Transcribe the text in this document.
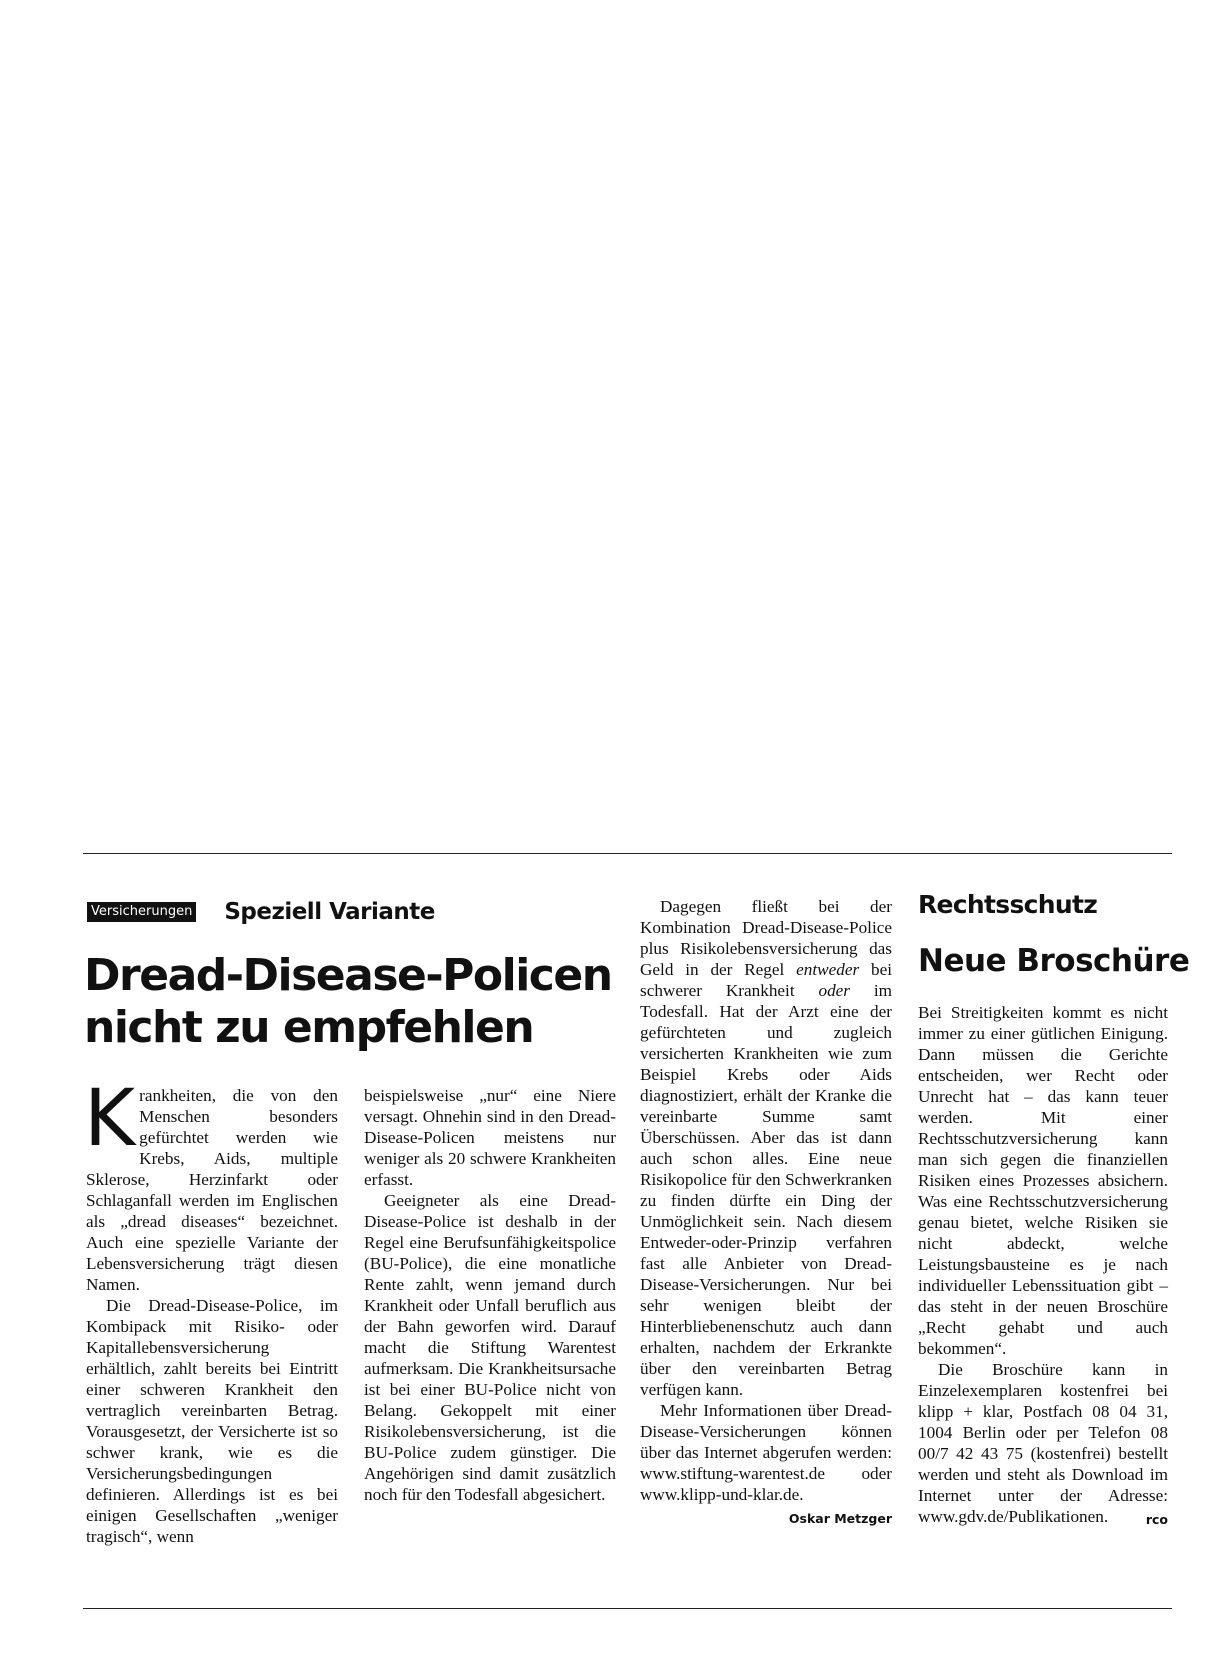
Versicherungen Speziell Variante
Dread-Disease-Policen nicht zu empfehlen

Krankheiten, die von den Menschen besonders gefürchtet werden wie Krebs, Aids, multiple Sklerose, Herzinfarkt oder Schlaganfall werden im Englischen als „dread diseases“ bezeichnet. Auch eine spezielle Variante der Lebensversicherung trägt diesen Namen.

Die Dread-Disease-Police, im Kombipack mit Risiko- oder Kapitallebensversicherung erhältlich, zahlt bereits bei Eintritt einer schweren Krankheit den vertraglich vereinbarten Betrag. Vorausgesetzt, der Versicherte ist so schwer krank, wie es die Versicherungsbedingungen definieren. Allerdings ist es bei einigen Gesellschaften „weniger tragisch“, wenn

beispielsweise „nur“ eine Niere versagt. Ohnehin sind in den Dread-Disease-Policen meistens nur weniger als 20 schwere Krankheiten erfasst.

Geeigneter als eine Dread-Disease-Police ist deshalb in der Regel eine Berufsunfähigkeitspolice (BU-Police), die eine monatliche Rente zahlt, wenn jemand durch Krankheit oder Unfall beruflich aus der Bahn geworfen wird. Darauf macht die Stiftung Warentest aufmerksam. Die Krankheitsursache ist bei einer BU-Police nicht von Belang. Gekoppelt mit einer Risikolebensversicherung, ist die BU-Police zudem günstiger. Die Angehörigen sind damit zusätzlich noch für den Todesfall abgesichert.

Dagegen fließt bei der Kombination Dread-Disease-Police plus Risikolebensversicherung das Geld in der Regel entweder bei schwerer Krankheit oder im Todesfall. Hat der Arzt eine der gefürchteten und zugleich versicherten Krankheiten wie zum Beispiel Krebs oder Aids diagnostiziert, erhält der Kranke die vereinbarte Summe samt Überschüssen. Aber das ist dann auch schon alles. Eine neue Risikopolice für den Schwerkranken zu finden dürfte ein Ding der Unmöglichkeit sein. Nach diesem Entweder-oder-Prinzip verfahren fast alle Anbieter von Dread-Disease-Versicherungen. Nur bei sehr wenigen bleibt der Hinterbliebenenschutz auch dann erhalten, nachdem der Erkrankte über den vereinbarten Betrag verfügen kann.

Mehr Informationen über Dread-Disease-Versicherungen können über das Internet abgerufen werden: www.stiftung-warentest.de oder www.klipp-und-klar.de.
Oskar Metzger

Rechtsschutz
Neue Broschüre

Bei Streitigkeiten kommt es nicht immer zu einer gütlichen Einigung. Dann müssen die Gerichte entscheiden, wer Recht oder Unrecht hat – das kann teuer werden. Mit einer Rechtsschutzversicherung kann man sich gegen die finanziellen Risiken eines Prozesses absichern. Was eine Rechtsschutzversicherung genau bietet, welche Risiken sie nicht abdeckt, welche Leistungsbausteine es je nach individueller Lebenssituation gibt – das steht in der neuen Broschüre „Recht gehabt und auch bekommen“.

Die Broschüre kann in Einzelexemplaren kostenfrei bei klipp + klar, Postfach 08 04 31, 1004 Berlin oder per Telefon 08 00/7 42 43 75 (kostenfrei) bestellt werden und steht als Download im Internet unter der Adresse: www.gdv.de/Publikationen.	rco
